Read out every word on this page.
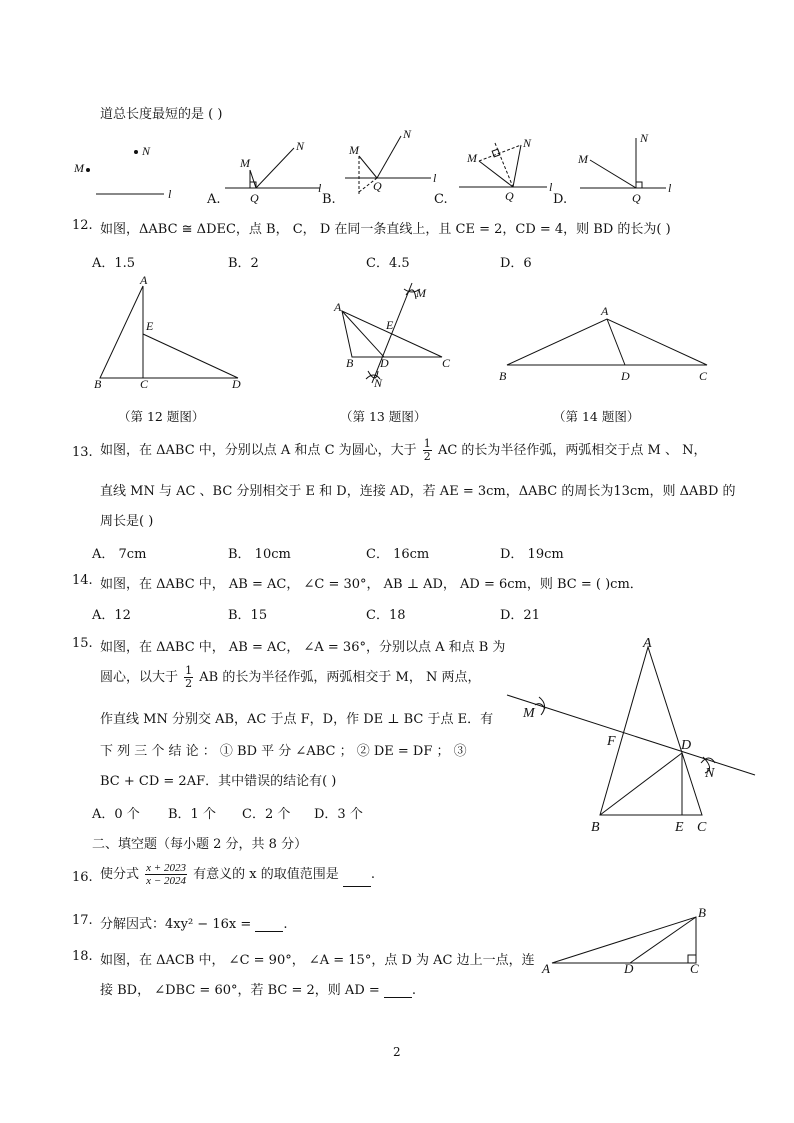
道总长度最短的是 ( )
N
M
l	A.
M
N
Q
l
B.
M
N
Q
l
C.
M
N
Q
l
D.
M
N
Q
l
12. 如图，ΔABC ≅ ΔDEC，点 B， C， D 在同一条直线上，且 CE = 2，CD = 4，则 BD 的长为( )
A．1.5	B．2	C．4.5	D．6
A
E
B	C	D
A
E
M
B D	C
N
A
B	D	C
（第 12 题图）	（第 13 题图）	（第 14 题图）
13. 如图，在 ΔABC 中，分别以点 A 和点 C 为圆心，大于 $\frac{1}{2}$ AC 的长为半径作弧，两弧相交于点 M 、 N，
直线 MN 与 AC 、BC 分别相交于 E 和 D，连接 AD，若 AE = 3cm，ΔABC 的周长为13cm，则 ΔABD 的
周长是( )
A． 7cm	B． 10cm	C． 16cm	D． 19cm
14. 如图，在 ΔABC 中， AB = AC， ∠C = 30°， AB ⊥ AD， AD = 6cm，则 BC = ( )cm．
A．12	B．15	C．18	D．21
15. 如图，在 ΔABC 中， AB = AC， ∠A = 36°，分别以点 A 和点 B 为
圆心，以大于 $\frac{1}{2}$ AB 的长为半径作弧，两弧相交于 M， N 两点，
作直线 MN 分别交 AB，AC 于点 F，D，作 DE ⊥ BC 于点 E．有
下 列 三 个 结 论 ： ① BD 平 分 ∠ABC ； ② DE = DF ； ③
BC + CD = 2AF．其中错误的结论有( )
A．0 个 B．1 个 C．2 个 D．3 个
A
M
F	D
N
B	E C
二、填空题（每小题 2 分，共 8 分）
16. 使分式 $\frac{x + 2023}{x - 2024}$ 有意义的 x 的取值范围是 .
17. 分解因式：4xy² − 16x = .
18. 如图，在 ΔACB 中， ∠C = 90°， ∠A = 15°，点 D 为 AC 边上一点，连
接 BD， ∠DBC = 60°，若 BC = 2，则 AD = .
A	D	C
B
2
